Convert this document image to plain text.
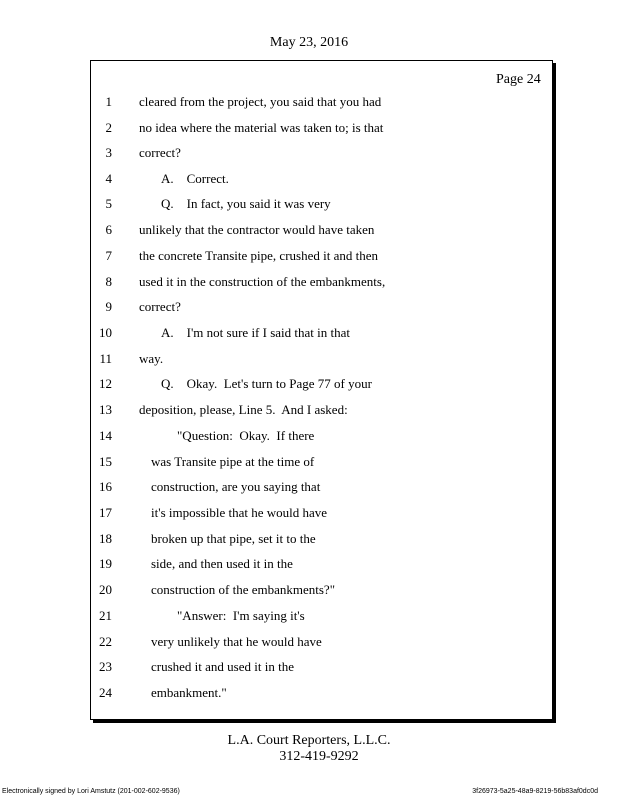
May 23, 2016
Page 24
1 cleared from the project, you said that you had
2 no idea where the material was taken to; is that
3 correct?
4	A.    Correct.
5	Q.    In fact, you said it was very
6 unlikely that the contractor would have taken
7 the concrete Transite pipe, crushed it and then
8 used it in the construction of the embankments,
9 correct?
10	A.    I'm not sure if I said that in that
11 way.
12	Q.    Okay.  Let's turn to Page 77 of your
13 deposition, please, Line 5.  And I asked:
14	"Question:  Okay.  If there
15	was Transite pipe at the time of
16	construction, are you saying that
17	it's impossible that he would have
18	broken up that pipe, set it to the
19	side, and then used it in the
20	construction of the embankments?"
21	"Answer:  I'm saying it's
22	very unlikely that he would have
23	crushed it and used it in the
24	embankment."
L.A. Court Reporters, L.L.C.
312-419-9292
Electronically signed by Lori Amstutz (201-002-602-9536)	3f26973-5a25-48a9-8219-56b83af0dc0d
